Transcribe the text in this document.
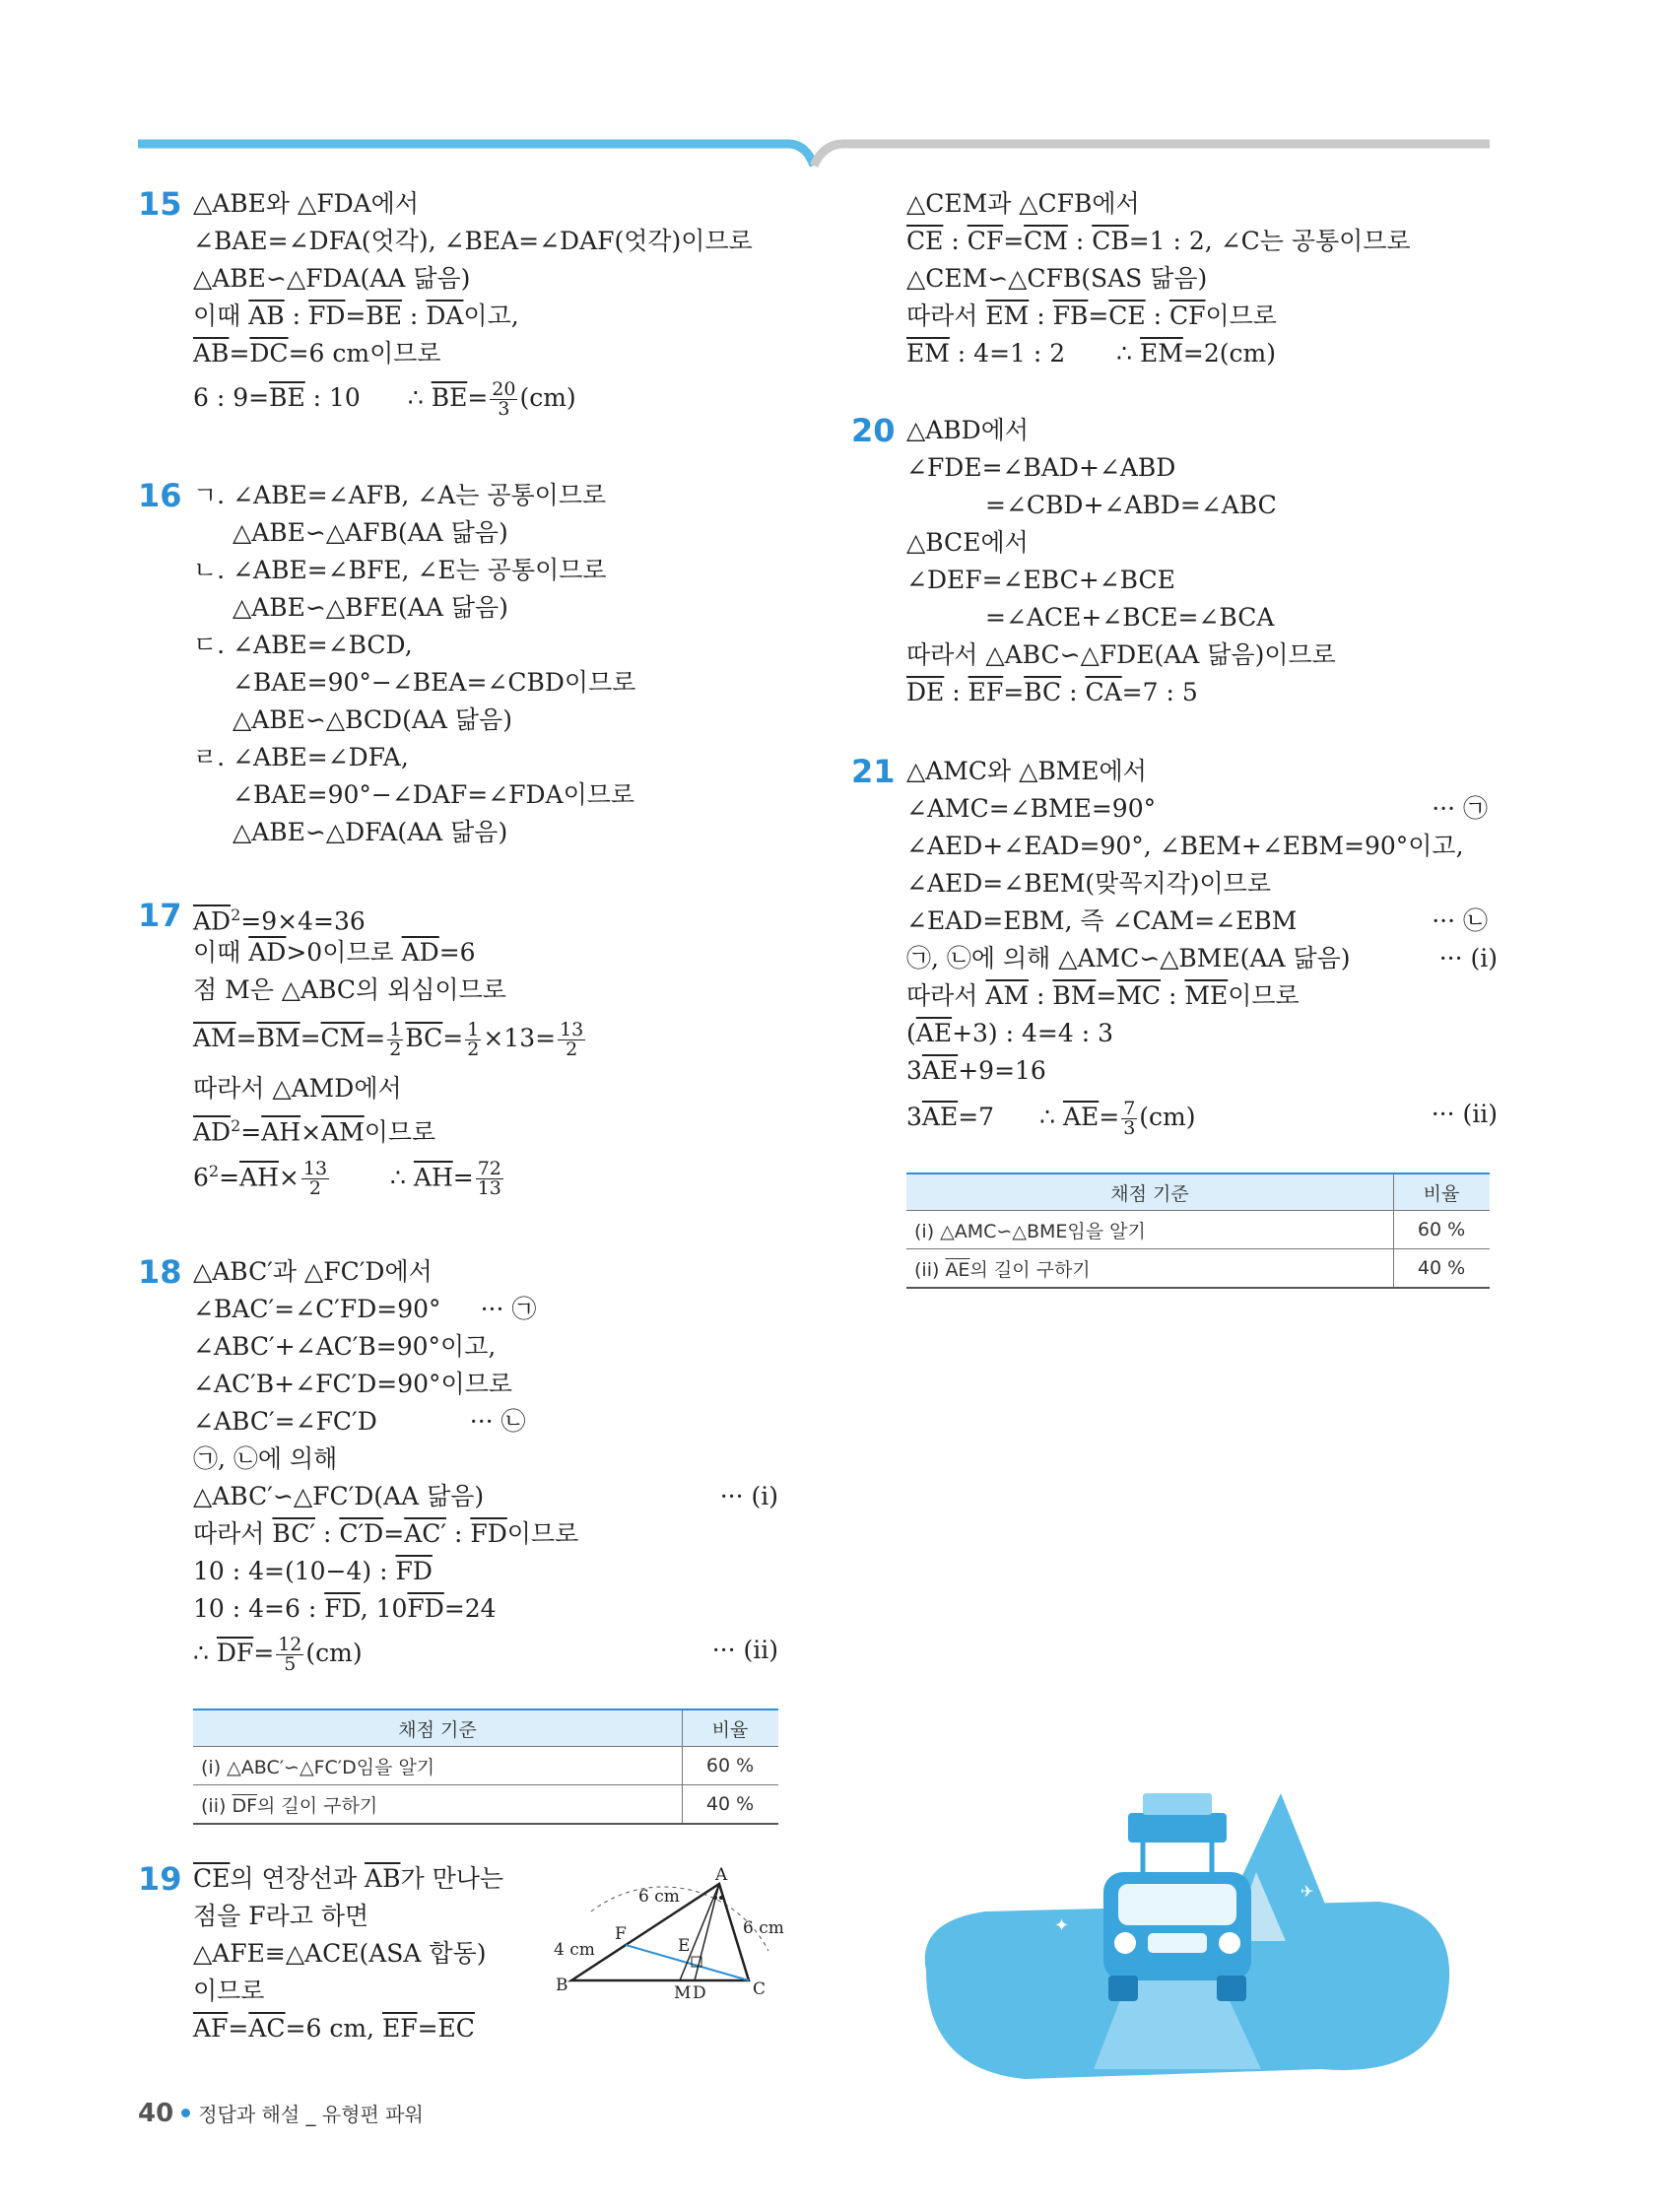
15 △ABE와 △FDA에서
∠ BAE= ∠ DFA(엇각), ∠ BEA= ∠ DAF(엇각)이므로
△ABE∽△FDA(AA 닮음)
이때 $\overline{AB}$ : $\overline{FD}=\overline{BE}$ : $\overline{DA}$이고,
$\overline{AB}=\overline{DC}=6$ cm이므로
6 : $9=\overline{BE}$ : 10 ∴ $\overline{BE}= \frac{20}{3} (cm)$
16 ㄱ. ∠ ABE= ∠ AFB, ∠ A는 공통이므로
△ABE∽△AFB(AA 닮음)
ㄴ. ∠ ABE= ∠ BFE, ∠ E는 공통이므로
△ABE∽△BFE(AA 닮음)
ㄷ. ∠ ABE= ∠ BCD,
∠ BAE=90°− ∠ BEA= ∠ CBD이므로
△ABE∽△BCD(AA 닮음)
ㄹ. ∠ ABE= ∠ DFA,
∠ BAE=90°− ∠ DAF= ∠ FDA이므로
△ABE∽△DFA(AA 닮음)
17 $\overline{AD}^2=9\times 4=36$
이때 $\overline{AD}>0$이므로 $\overline{AD}=6$
점 M은 △ABC의 외심이므로
$\overline{AM}=\overline{BM}=\overline{CM}= \frac{1}{2} \overline{BC}= \frac{1}{2} \times 13= \frac{13}{2}$
따라서 △AMD에서
$\overline{AD}^2=\overline{AH}\times\overline{AM}$이므로
$6^2=\overline{AH}\times \frac{13}{2}$ ∴ $\overline{AH}= \frac{72}{13}$
18 △ABC′과 △FC′D에서
∠ BAC′= ∠ C′FD=90° ··· ㉠
∠ ABC′+ ∠ AC′B=90°이고,
∠ AC′B+ ∠ FC′D=90°이므로
∠ ABC′= ∠ FC′D	··· ㉡
㉠, ㉡에 의해
△ABC′∽△FC′D(AA 닮음)	··· (i)
따라서 BC′ : C′D=AC′ : $\overline{FD}$이므로
10 : 4=(10−4) : $\overline{FD}$
10 : 4=6 : $\overline{FD}$, $10\overline{FD}=24$
∴ $\overline{DF}= \frac{12}{5} (cm)$	··· (ii)
채점 기준	비율
(i) △ABC′∽△FC′D임을 알기	60 %
(ii) $\overline{DF}$의 길이 구하기	40 %
19 $\overline{CE}$의 연장선과 $\overline{AB}$가 만나는
점을 F라고 하면
△AFE≡△ACE(ASA 합동)
이므로
$\overline{AF}=\overline{AC}=6$ cm, $\overline{EF}=\overline{EC}$
A
B	C
D
E
F
M
6 cm
6 cm
4 cm
△CEM과 △CFB에서
$\overline{CE}$ : $\overline{CF}=\overline{CM}$ : $\overline{CB}=1$ : 2, ∠ C는 공통이므로
△CEM∽△CFB(SAS 닮음)
따라서 $\overline{EM}$ : $\overline{FB}=\overline{CE}$ : $\overline{CF}$이므로
$\overline{EM}$ : 4=1 : 2 ∴ $\overline{EM}=2(cm)$
20 △ABD에서
∠ FDE= ∠ BAD+ ∠ ABD
= ∠ CBD+ ∠ ABD= ∠ ABC
△BCE에서
∠ DEF= ∠ EBC+ ∠ BCE
= ∠ ACE+ ∠ BCE= ∠ BCA
따라서 △ABC∽△FDE(AA 닮음)이므로
$\overline{DE}$ : $\overline{EF}=\overline{BC}$ : $\overline{CA}=7$ : 5
21 △AMC와 △BME에서
∠ AMC= ∠ BME=90°	··· ㉠
∠ AED+ ∠ EAD=90°, ∠ BEM+ ∠ EBM=90°이고,
∠ AED= ∠ BEM(맞꼭지각)이므로
∠ EAD=EBM, 즉 ∠ CAM= ∠ EBM	··· ㉡
㉠, ㉡에 의해 △AMC∽△BME(AA 닮음)	··· (i)
따라서 $\overline{AM}$ : $\overline{BM}=\overline{MC}$ : $\overline{ME}$이므로
$(\overline{AE}+3)$ : 4=4 : 3
$3\overline{AE}+9=16$
$3\overline{AE}=7$ ∴ $\overline{AE}= \frac{7}{3} (cm)$	··· (ii)
채점 기준	비율
(i) △AMC∽△BME임을 알기	60 %
(ii) $\overline{AE}$의 길이 구하기	40 %
✦
✈
40 정답과 해설 _ 유형편 파워
